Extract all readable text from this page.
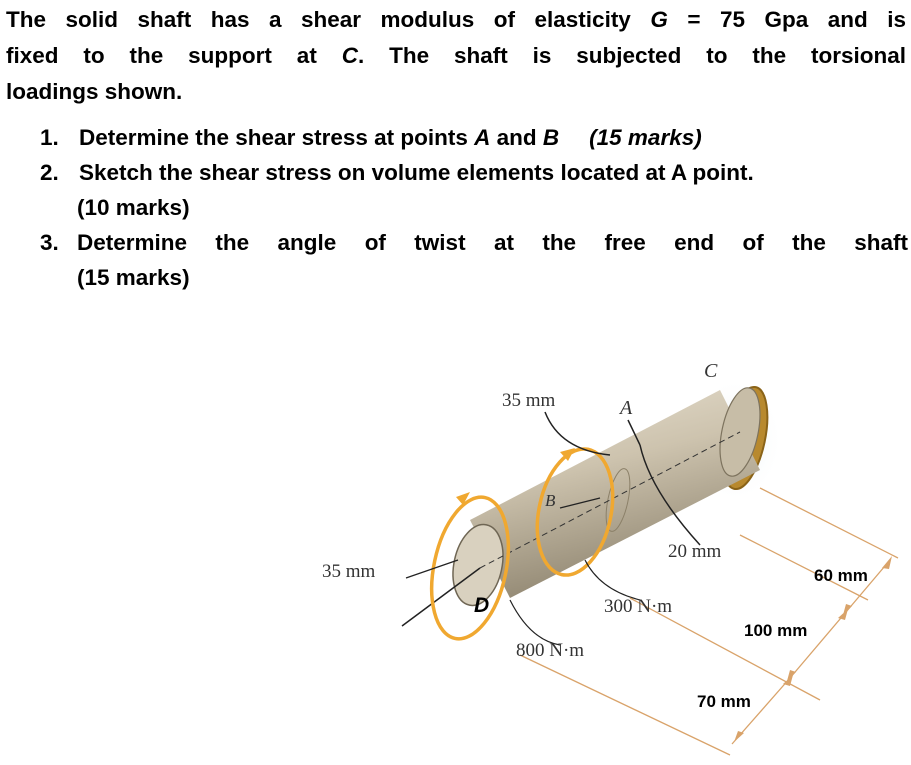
The solid shaft has a shear modulus of elasticity G = 75 Gpa and is
fixed to the support at C. The shaft is subjected to the torsional
loadings shown.
1. Determine the shear stress at points A and B (15 marks)
2. Sketch the shear stress on volume elements located at A point.
(10 marks)
3. Determine the angle of twist at the free end of the shaft
(15 marks)
C
A
B
D
35 mm
35 mm
20 mm
300 N·m
800 N·m
60 mm
100 mm
70 mm
